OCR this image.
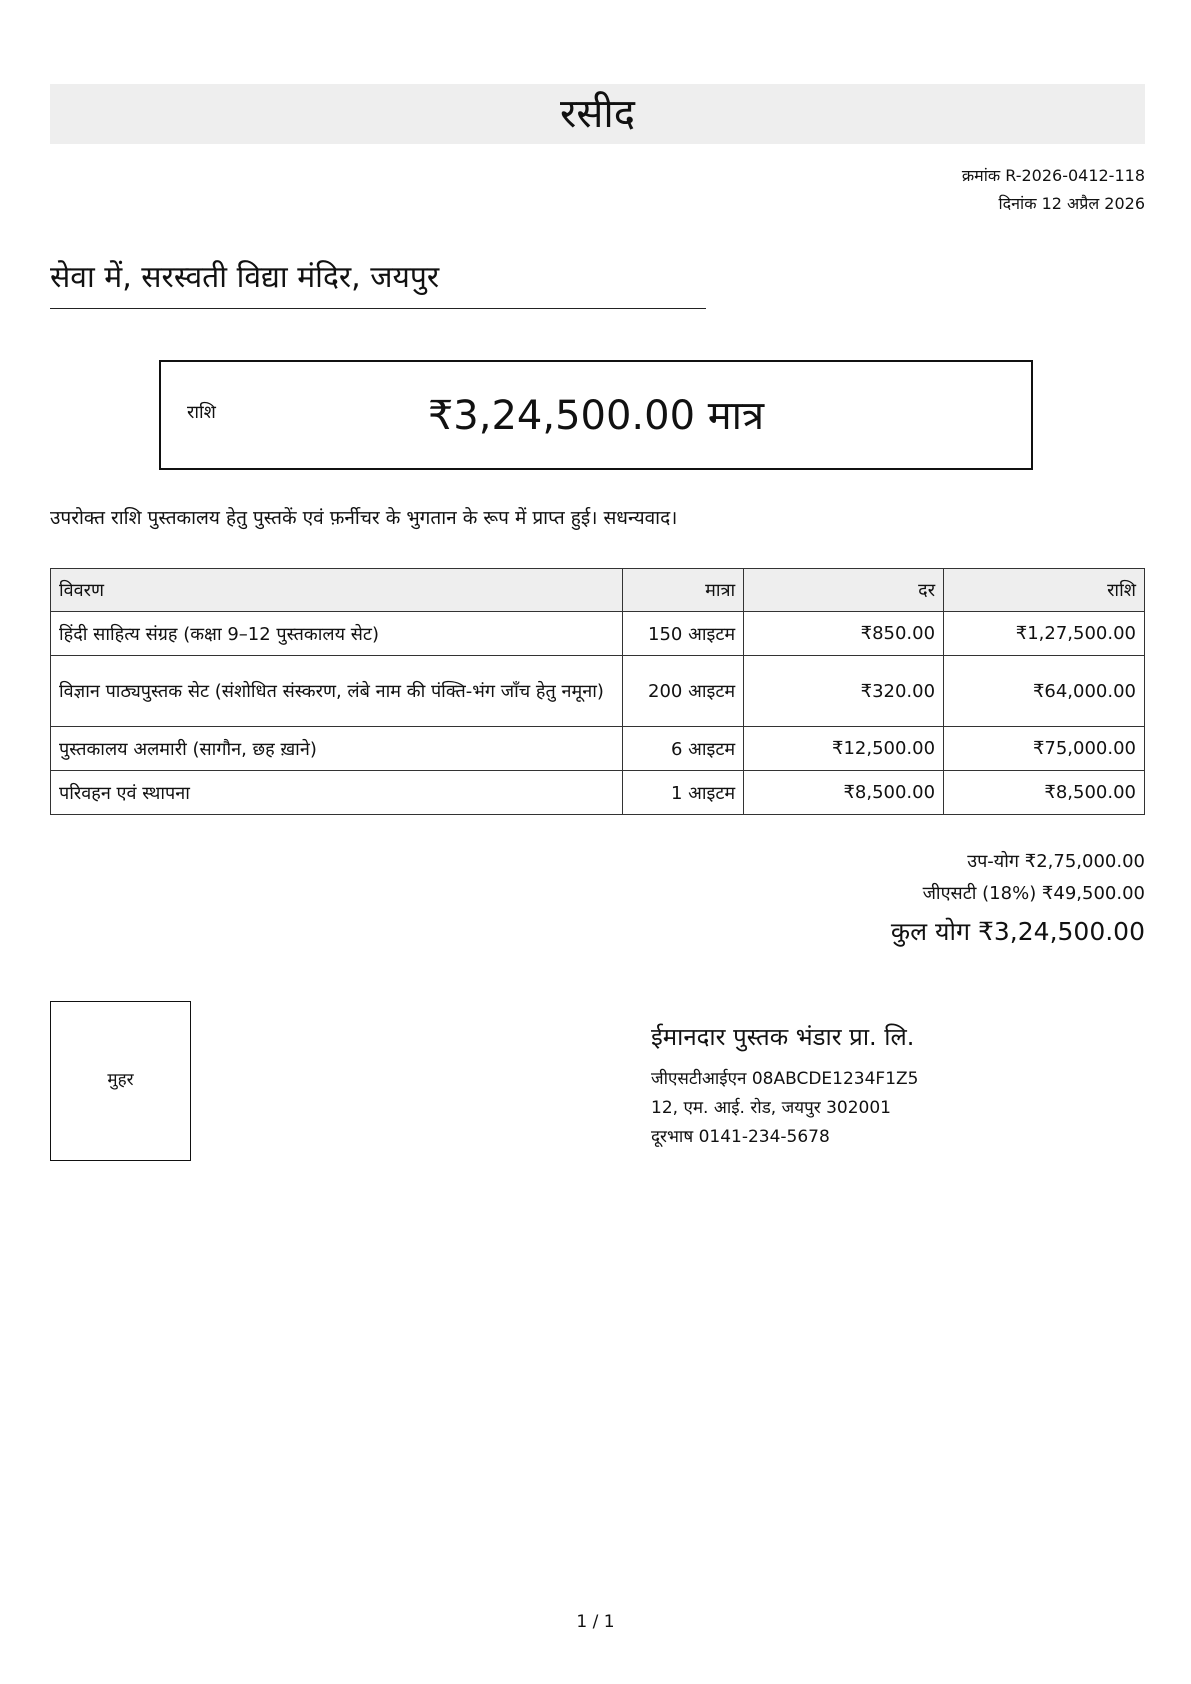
रसीद
क्रमांक R-2026-0412-118
दिनांक 12 अप्रैल 2026
सेवा में, सरस्वती विद्या मंदिर, जयपुर
राशि	₹3,24,500.00 मात्र
उपरोक्त राशि पुस्तकालय हेतु पुस्तकें एवं फ़र्नीचर के भुगतान के रूप में प्राप्त हुई। सधन्यवाद।
विवरण	मात्रा	दर	राशि
हिंदी साहित्य संग्रह (कक्षा 9–12 पुस्तकालय सेट)	150 आइटम	₹850.00	₹1,27,500.00
विज्ञान पाठ्यपुस्तक सेट (संशोधित संस्करण, लंबे नाम की पंक्ति-भंग जाँच हेतु नमूना)	200 आइटम	₹320.00	₹64,000.00
पुस्तकालय अलमारी (सागौन, छह ख़ाने)	6 आइटम	₹12,500.00	₹75,000.00
परिवहन एवं स्थापना	1 आइटम	₹8,500.00	₹8,500.00
उप-योग ₹2,75,000.00
जीएसटी (18%) ₹49,500.00
कुल योग ₹3,24,500.00
मुहर
ईमानदार पुस्तक भंडार प्रा. लि.
जीएसटीआईएन 08ABCDE1234F1Z5
12, एम. आई. रोड, जयपुर 302001
दूरभाष 0141-234-5678
1 / 1
